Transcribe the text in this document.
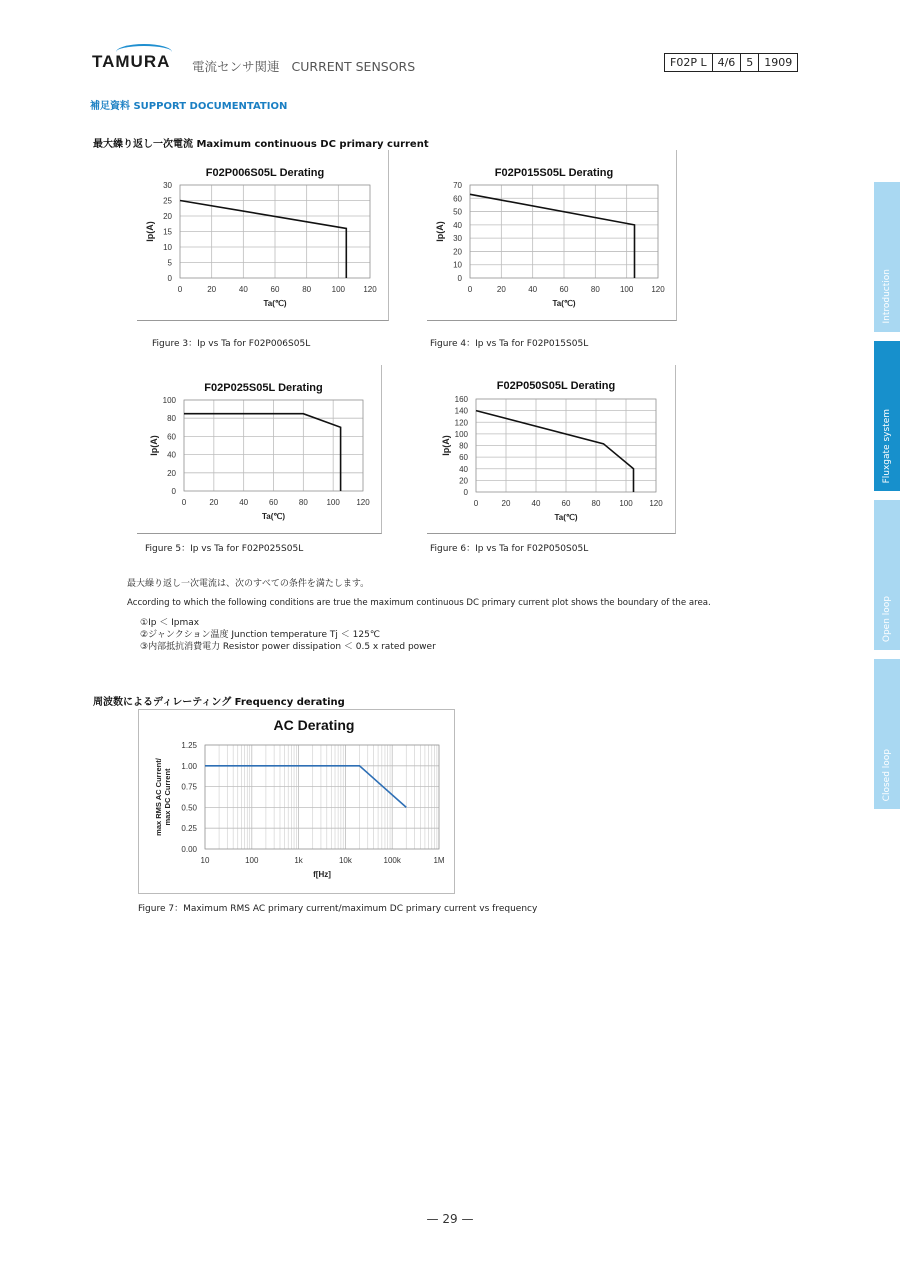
TAMURA 電流センサ関連 CURRENT SENSORS	F02P L	4/6	5	1909
補足資料 SUPPORT DOCUMENTATION
最大繰り返し一次電流 Maximum continuous DC primary current
F02P006S05L Derating
0	20	40	60	80	100 120
0
5
10
15
20
25
30
Ta(℃)
Ip(A)
F02P015S05L Derating
0	20	40	60	80	100 120
0
10
20
30
40
50
60
70
Ta(℃)
Ip(A)
F02P025S05L Derating
0	20	40	60	80 100 120
0
20
40
60
80
100
Ta(℃)
Ip(A)
F02P050S05L Derating
0	20	40	60	80 100 120
0
20
40
60
80
100
120
140
160
Ta(℃)
Ip(A)
Figure 3：Ip vs Ta for F02P006S05L	Figure 4：Ip vs Ta for F02P015S05L
Figure 5：Ip vs Ta for F02P025S05L	Figure 6：Ip vs Ta for F02P050S05L
最大繰り返し一次電流は、次のすべての条件を満たします。
According to which the following conditions are true the maximum continuous DC primary current plot shows the boundary of the area.
①Ip ＜ Ipmax
②ジャンクション温度 Junction temperature Tj ＜ 125℃
③内部抵抗消費電力 Resistor power dissipation ＜ 0.5 x rated power
周波数によるディレーティング Frequency derating
AC Derating
10	100	1k	10k	100k	1M
0.00
0.25
0.50
0.75
1.00
1.25
f[Hz]
max RMS AC Current/max DC Current
Figure 7：Maximum RMS AC primary current/maximum DC primary current vs frequency
Introduction
Fluxgate system
Open loop
Closed loop
— 29 —
